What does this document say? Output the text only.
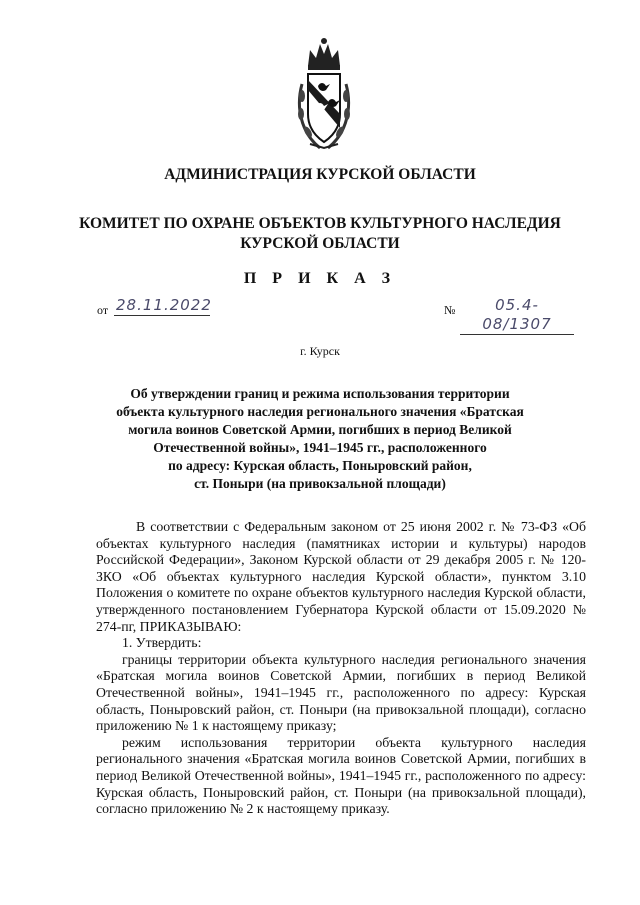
АДМИНИСТРАЦИЯ КУРСКОЙ ОБЛАСТИ

КОМИТЕТ ПО ОХРАНЕ ОБЪЕКТОВ КУЛЬТУРНОГО НАСЛЕДИЯ
КУРСКОЙ ОБЛАСТИ

П Р И К А З
от 28.11.2022	№	05.4-08/1307
г. Курск
Об утверждении границ и режима использования территории
объекта культурного наследия регионального значения «Братская
могила воинов Советской Армии, погибших в период Великой
Отечественной войны», 1941–1945 гг., расположенного
по адресу: Курская область, Поныровский район,
ст. Поныри (на привокзальной площади)

В соответствии с Федеральным законом от 25 июня 2002 г. № 73-ФЗ «Об объектах культурного наследия (памятниках истории и культуры) народов Российской Федерации», Законом Курской области от 29 декабря 2005 г. № 120-ЗКО «Об объектах культурного наследия Курской области», пунктом 3.10 Положения о комитете по охране объектов культурного наследия Курской области, утвержденного постановлением Губернатора Курской области от 15.09.2020 № 274-пг, ПРИКАЗЫВАЮ:

1. Утвердить:

границы территории объекта культурного наследия регионального значения «Братская могила воинов Советской Армии, погибших в период Великой Отечественной войны», 1941–1945 гг., расположенного по адресу: Курская область, Поныровский район, ст. Поныри (на привокзальной площади), согласно приложению № 1 к настоящему приказу;

режим использования территории объекта культурного наследия регионального значения «Братская могила воинов Советской Армии, погибших в период Великой Отечественной войны», 1941–1945 гг., расположенного по адресу: Курская область, Поныровский район, ст. Поныри (на привокзальной площади), согласно приложению № 2 к настоящему приказу.
